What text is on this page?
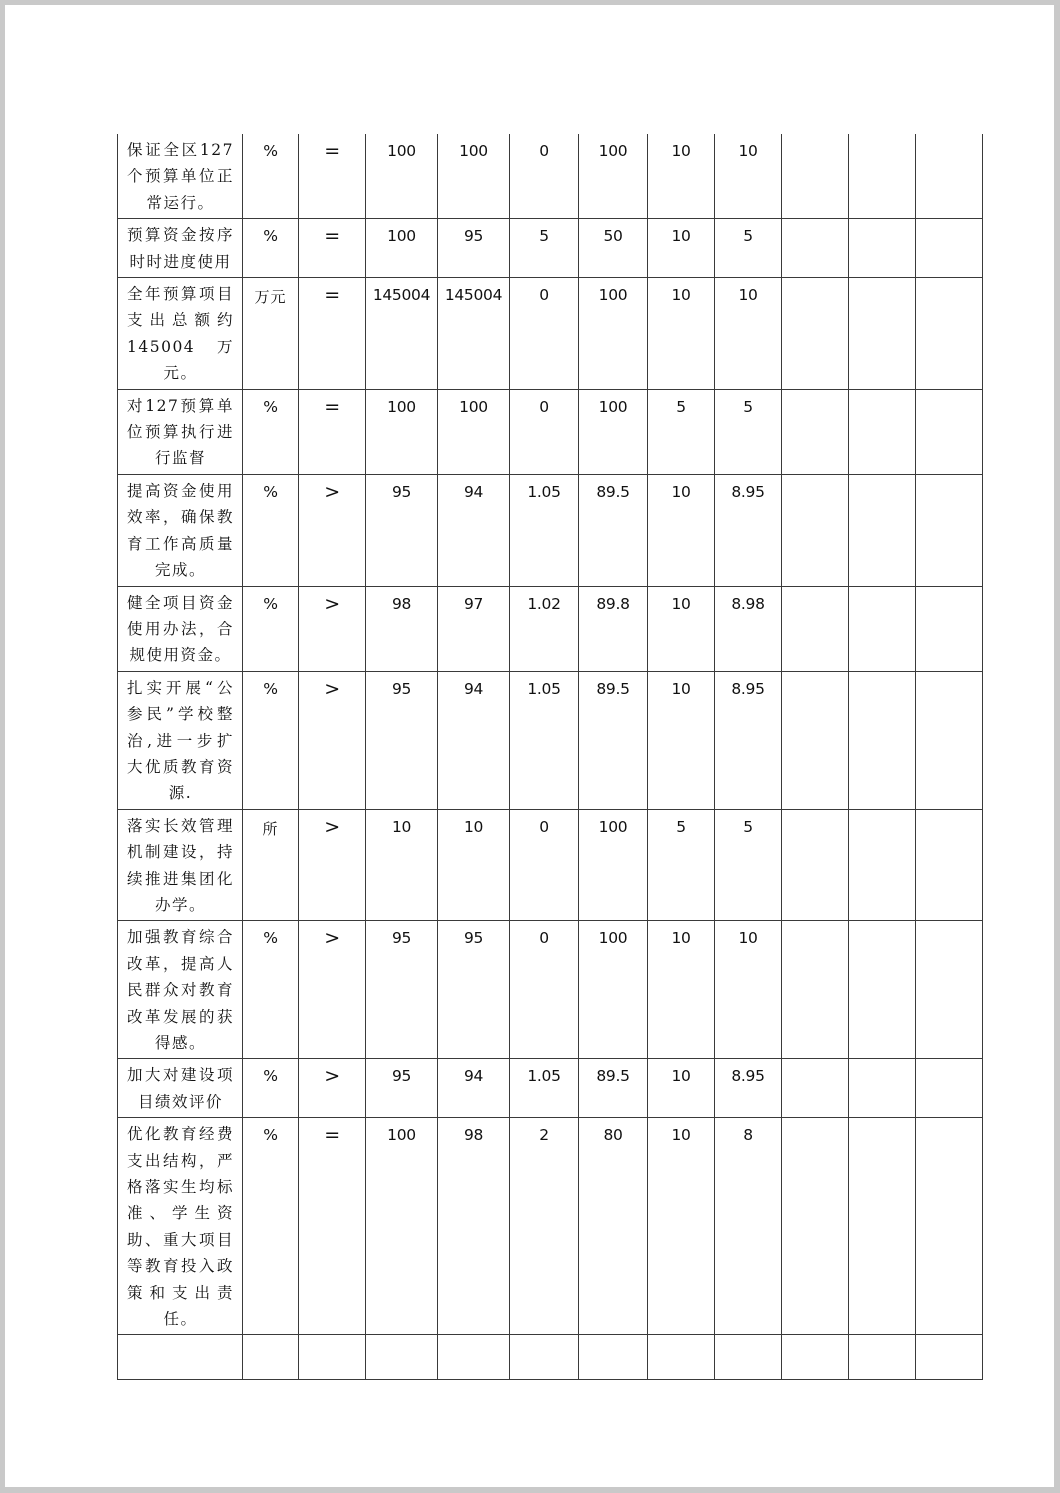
保证全区127个预算单位正常运行。	%	=	100	100	0	100	10	10			
预算资金按序时时进度使用	%	=	100	95	5	50	10	5			
全年预算项目支出总额约145004万元。	万元	=	145004	145004	0	100	10	10			
对127预算单位预算执行进行监督	%	=	100	100	0	100	5	5			
提高资金使用效率，确保教育工作高质量完成。	%	>	95	94	1.05	89.5	10	8.95			
健全项目资金使用办法，合规使用资金。	%	>	98	97	1.02	89.8	10	8.98			
扎实开展“公参民”学校整治,进一步扩大优质教育资源.	%	>	95	94	1.05	89.5	10	8.95			
落实长效管理机制建设，持续推进集团化办学。	所	>	10	10	0	100	5	5			
加强教育综合改革，提高人民群众对教育改革发展的获得感。	%	>	95	95	0	100	10	10			
加大对建设项目绩效评价	%	>	95	94	1.05	89.5	10	8.95			
优化教育经费支出结构，严格落实生均标准、学生资助、重大项目等教育投入政策和支出责任。	%	=	100	98	2	80	10	8			
